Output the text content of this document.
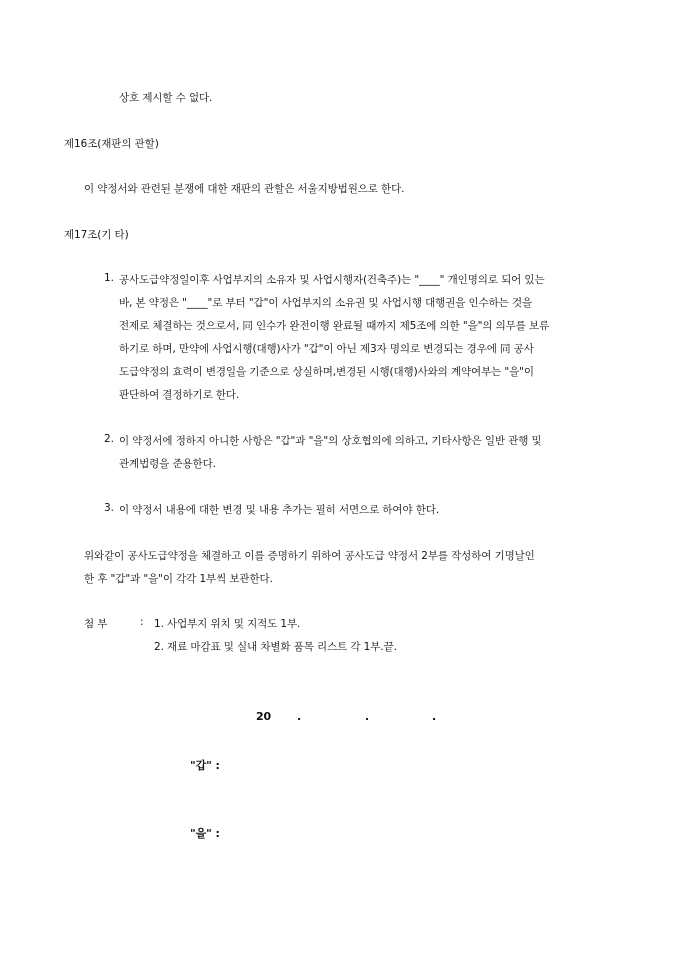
상호 제시할 수 없다.
제16조(재판의 관할)
이 약정서와 관련된 분쟁에 대한 재판의 관할은 서울지방법원으로 한다.
제17조(기 타)
1. 공사도급약정일이후 사업부지의 소유자 및 사업시행자(건축주)는 "____" 개인명의로 되어 있는
바, 본 약정은 "____"로 부터 "갑"이 사업부지의 소유권 및 사업시행 대행권을 인수하는 것을
전제로 체결하는 것으로서, 同 인수가 완전이행 완료될 때까지 제5조에 의한 "을"의 의무를 보류
하기로 하며, 만약에 사업시행(대행)사가 "갑"이 아닌 제3자 명의로 변경되는 경우에 同 공사
도급약정의 효력이 변경일을 기준으로 상실하며,변경된 시행(대행)사와의 계약여부는 "을"이
판단하여 결정하기로 한다.
2. 이 약정서에 정하지 아니한 사항은 "갑"과 "을"의 상호협의에 의하고, 기타사항은 일반 관행 및
관계법령을 준용한다.
3. 이 약정서 내용에 대한 변경 및 내용 추가는 필히 서면으로 하여야 한다.
위와같이 공사도급약정을 체결하고 이를 증명하기 위하여 공사도급 약정서 2부를 작성하여 기명날인
한 후 "갑"과 "을"이 각각 1부씩 보관한다.
첨 부	: 1. 사업부지 위치 및 지적도 1부.
2. 재료 마감표 및 실내 차별화 품목 리스트 각 1부.끝.
20 .	.	.
"갑" :
"을" :
